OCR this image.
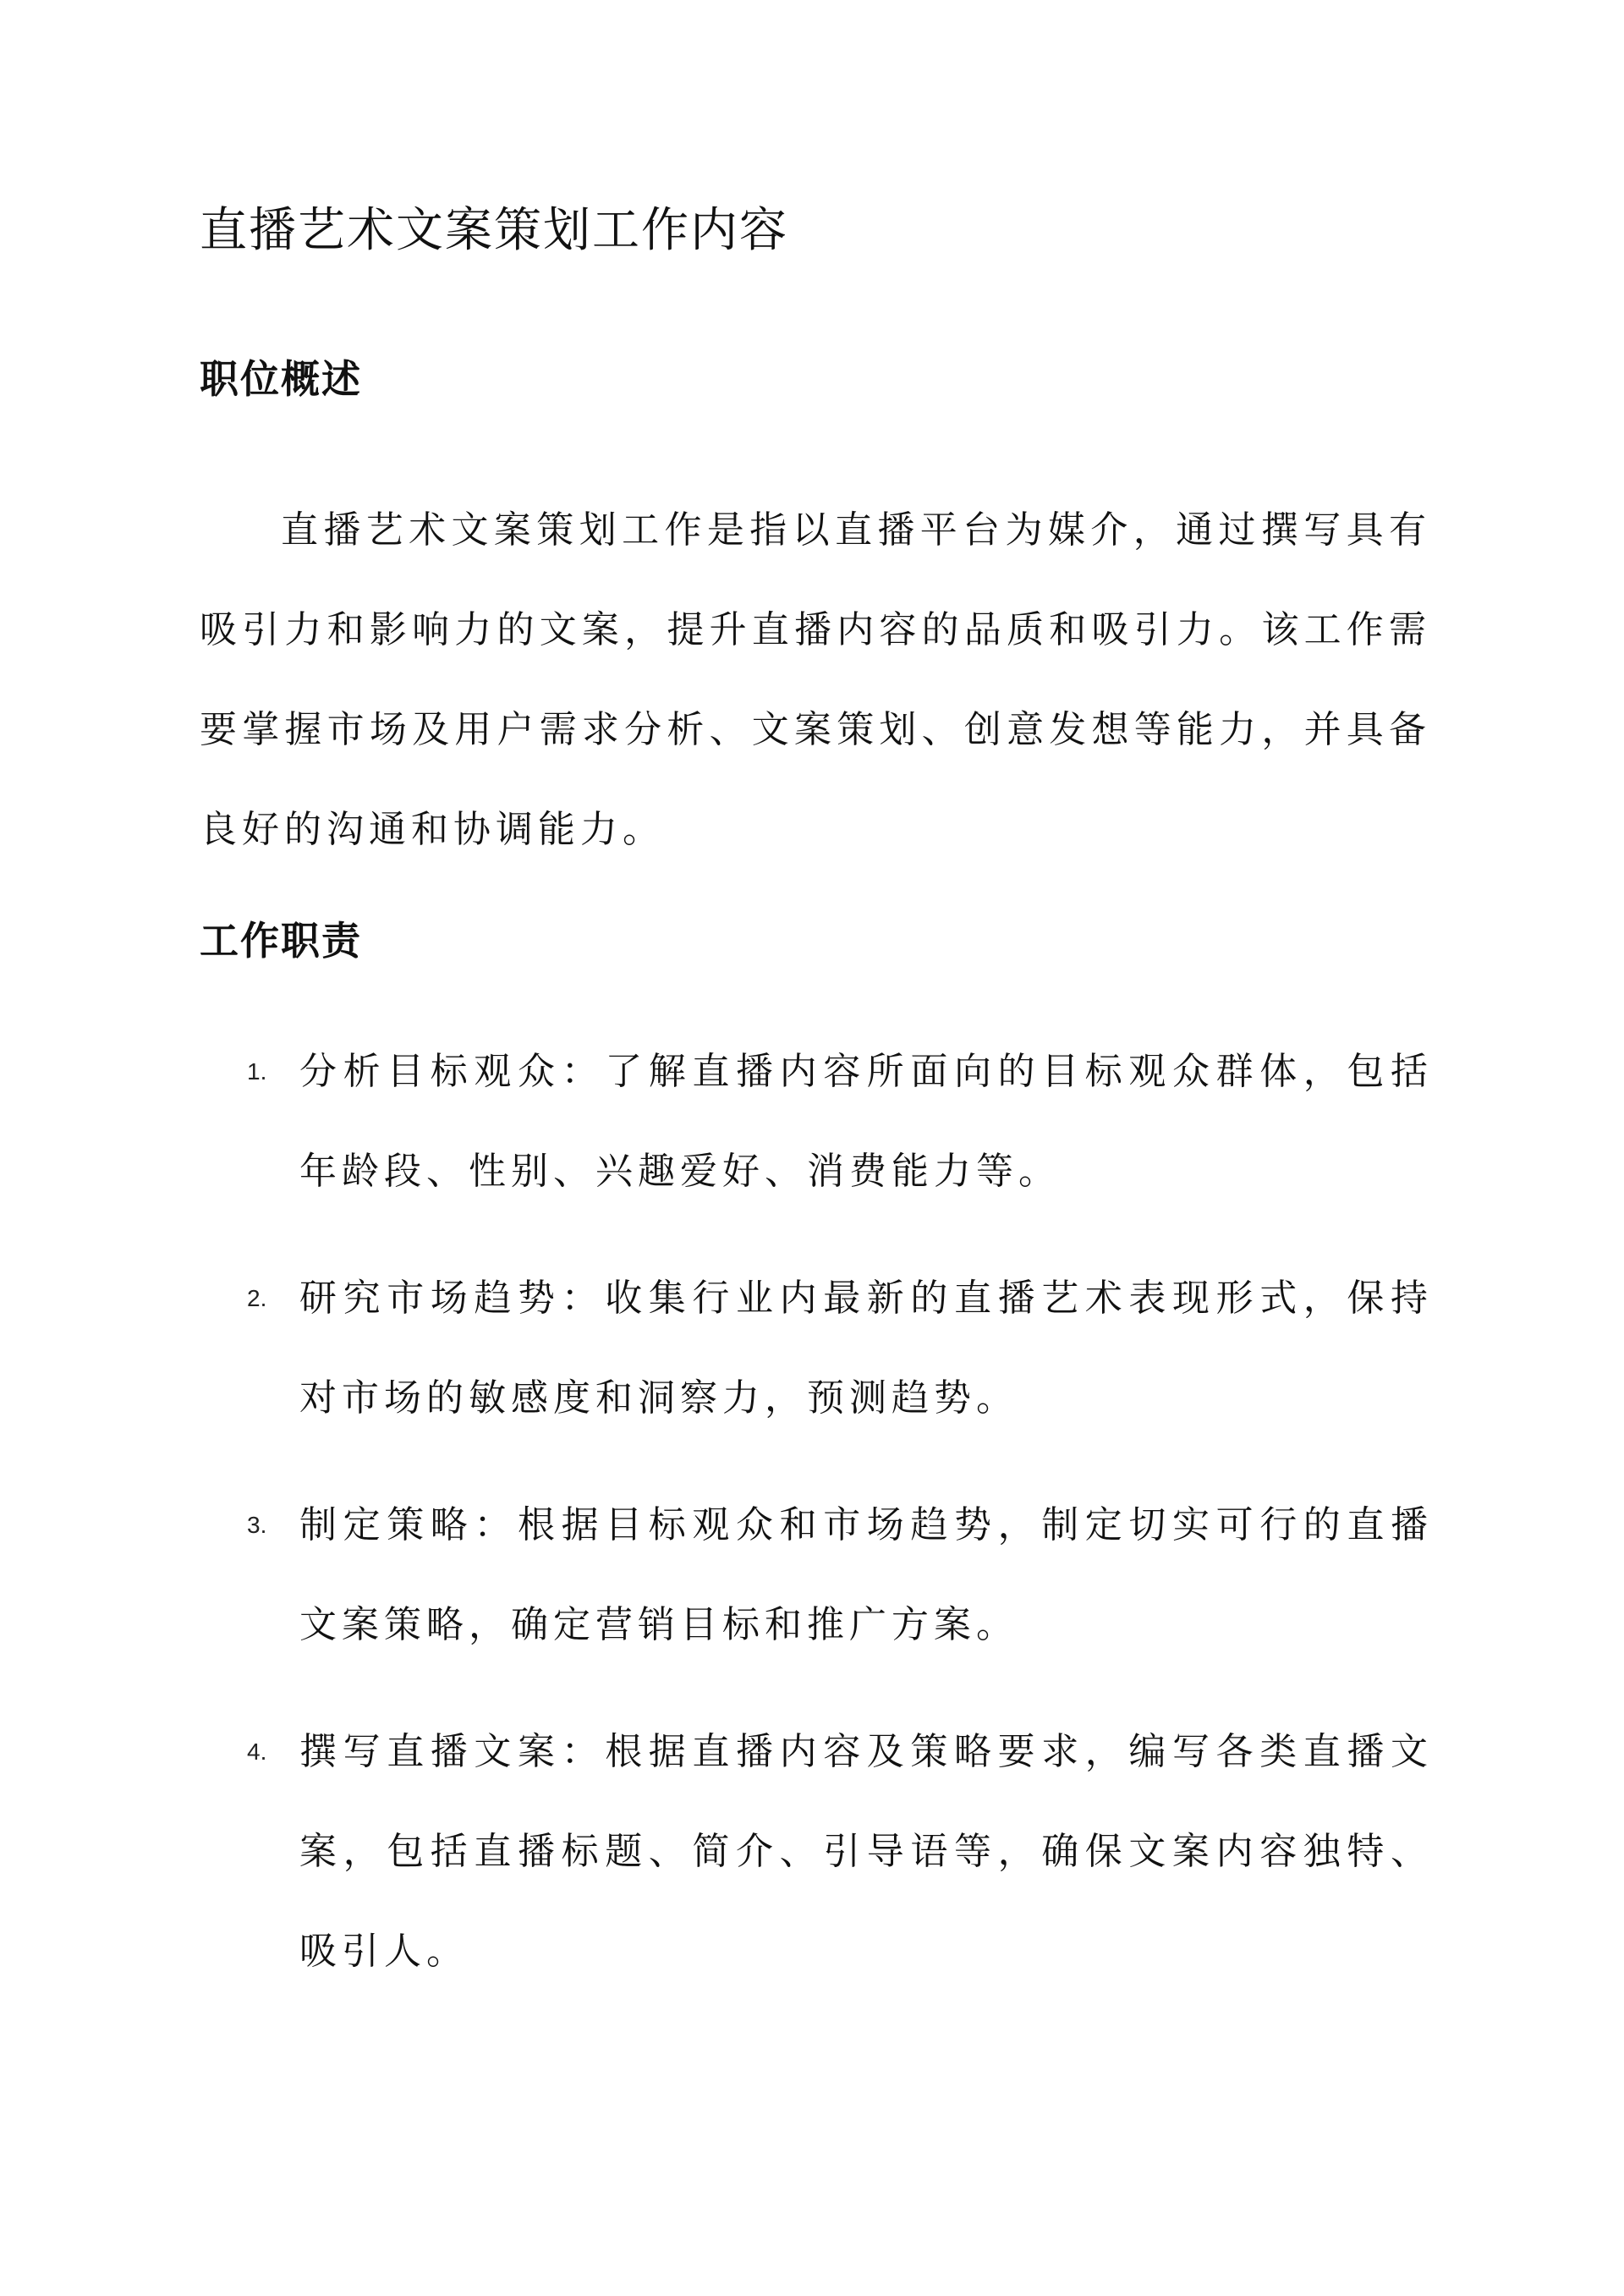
直播艺术文案策划工作内容
职位概述

直播艺术文案策划工作是指以直播平台为媒介，通过撰写具有吸引力和影响力的文案，提升直播内容的品质和吸引力。该工作需要掌握市场及用户需求分析、文案策划、创意发想等能力，并具备良好的沟通和协调能力。

工作职责
1. 分析目标观众：了解直播内容所面向的目标观众群体，包括年龄段、性别、兴趣爱好、消费能力等。

2. 研究市场趋势：收集行业内最新的直播艺术表现形式，保持对市场的敏感度和洞察力，预测趋势。

3. 制定策略：根据目标观众和市场趋势，制定切实可行的直播文案策略，确定营销目标和推广方案。

4. 撰写直播文案：根据直播内容及策略要求，编写各类直播文案，包括直播标题、简介、引导语等，确保文案内容独特、吸引人。
